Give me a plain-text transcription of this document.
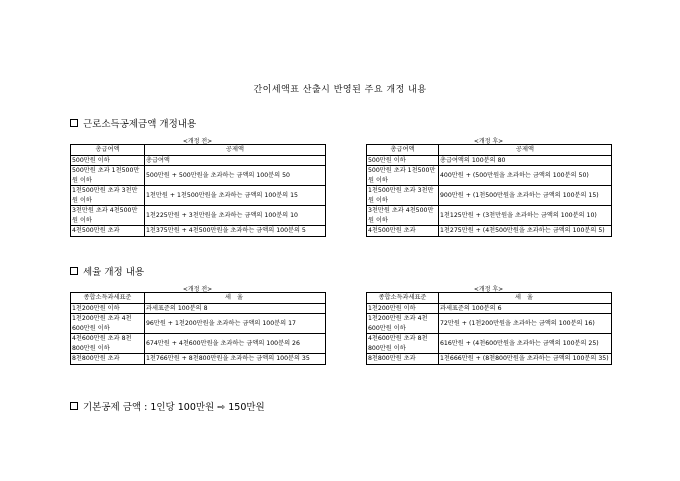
간이세액표 산출시 반영된 주요 개정 내용
근로소득공제금액 개정내용
<개정 전>
총급여액	공제액
500만원 이하	총급여액
500만원 초과 1천500만원 이하	500만원 + 500만원을 초과하는 금액의 100분의 50
1천500만원 초과 3천만원 이하	1천만원 + 1천500만원을 초과하는 금액의 100분의 15
3천만원 초과 4천500만원 이하	1천225만원 + 3천만원을 초과하는 금액의 100분의 10
4천500만원 초과	1천375만원 + 4천500만원을 초과하는 금액의 100분의 5
<개정 후>
총급여액	공제액
500만원 이하	총급여액의 100분의 80
500만원 초과 1천500만원 이하	400만원 + (500만원을 초과하는 금액의 100분의 50)
1천500만원 초과 3천만원 이하	900만원 + (1천500만원을 초과하는 금액의 100분의 15)
3천만원 초과 4천500만원 이하	1천125만원 + (3천만원을 초과하는 금액의 100분의 10)
4천500만원 초과	1천275만원 + (4천500만원을 초과하는 금액의 100분의 5)
세율 개정 내용
<개정 전>
종합소득과세표준	세 율
1천200만원 이하	과세표준의 100분의 8
1천200만원 초과 4천600만원 이하	96만원 + 1천200만원을 초과하는 금액의 100분의 17
4천600만원 초과 8천800만원 이하	674만원 + 4천600만원을 초과하는 금액의 100분의 26
8천800만원 초과	1천766만원 + 8천800만원을 초과하는 금액의 100분의 35
<개정 후>
종합소득과세표준	세 율
1천200만원 이하	과세표준의 100분의 6
1천200만원 초과 4천600만원 이하	72만원 + (1천200만원을 초과하는 금액의 100분의 16)
4천600만원 초과 8천800만원 이하	616만원 + (4천600만원을 초과하는 금액의 100분의 25)
8천800만원 초과	1천666만원 + (8천800만원을 초과하는 금액의 100분의 35)
기본공제 금액 : 1인당 100만원 ⇨ 150만원
